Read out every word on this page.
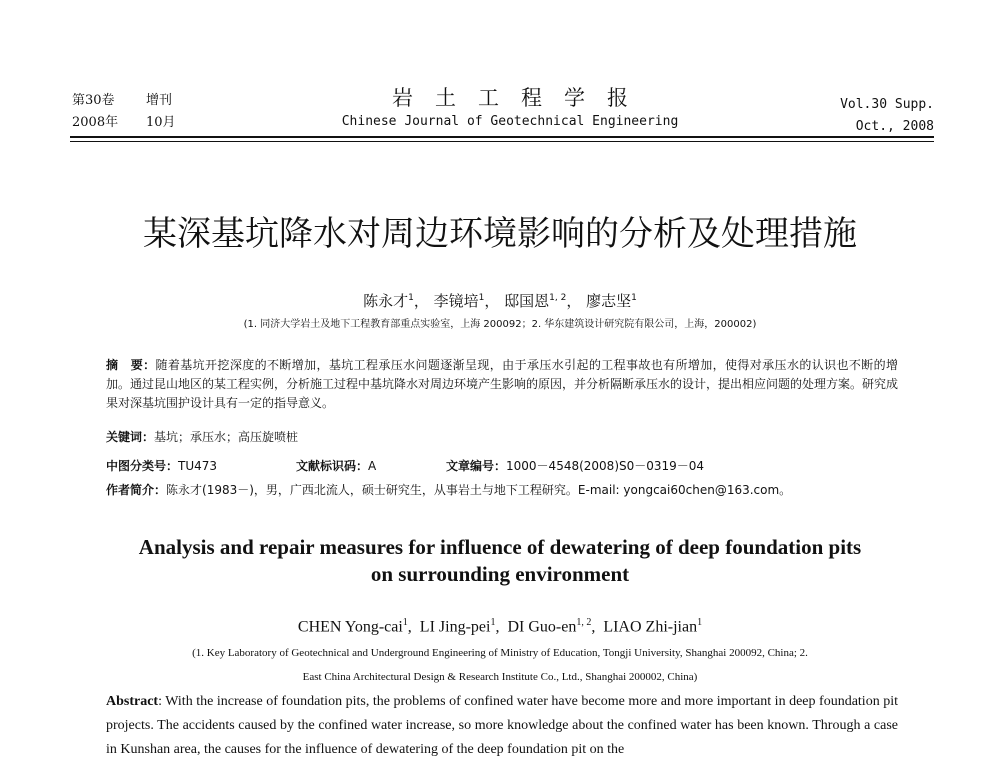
第30卷 增刊
2008年 10月
岩土工程学报
Chinese Journal of Geotechnical Engineering
Vol.30 Supp.
Oct., 2008
某深基坑降水对周边环境影响的分析及处理措施
陈永才$^1$， 李镜培$^1$， 邸国恩$^{1, 2}$， 廖志坚$^1$
(1. 同济大学岩土及地下工程教育部重点实验室，上海 200092；2. 华东建筑设计研究院有限公司，上海，200002)
摘　要：随着基坑开挖深度的不断增加，基坑工程承压水问题逐渐呈现，由于承压水引起的工程事故也有所增加，使得对承压水的认识也不断的增加。通过昆山地区的某工程实例，分析施工过程中基坑降水对周边环境产生影响的原因，并分析隔断承压水的设计，提出相应问题的处理方案。研究成果对深基坑围护设计具有一定的指导意义。
关键词：基坑；承压水；高压旋喷桩
中图分类号：TU473	文献标识码：A	文章编号：1000－4548(2008)S0－0319－04
作者简介：陈永才(1983－)，男，广西北流人，硕士研究生，从事岩土与地下工程研究。E-mail: yongcai60chen@163.com。
Analysis and repair measures for influence of dewatering of deep foundation pits
on surrounding environment
CHEN Yong-cai$^1$,  LI Jing-pei$^1$,  DI Guo-en$^{1, 2}$,  LIAO Zhi-jian$^1$
(1. Key Laboratory of Geotechnical and Underground Engineering of Ministry of Education, Tongji University, Shanghai 200092, China; 2.
East China Architectural Design & Research Institute Co., Ltd., Shanghai 200002, China)
Abstract: With the increase of foundation pits, the problems of confined water have become more and more important in deep foundation pit projects. The accidents caused by the confined water increase, so more knowledge about the confined water has been known. Through a case in Kunshan area, the causes for the influence of dewatering of the deep foundation pit on the
